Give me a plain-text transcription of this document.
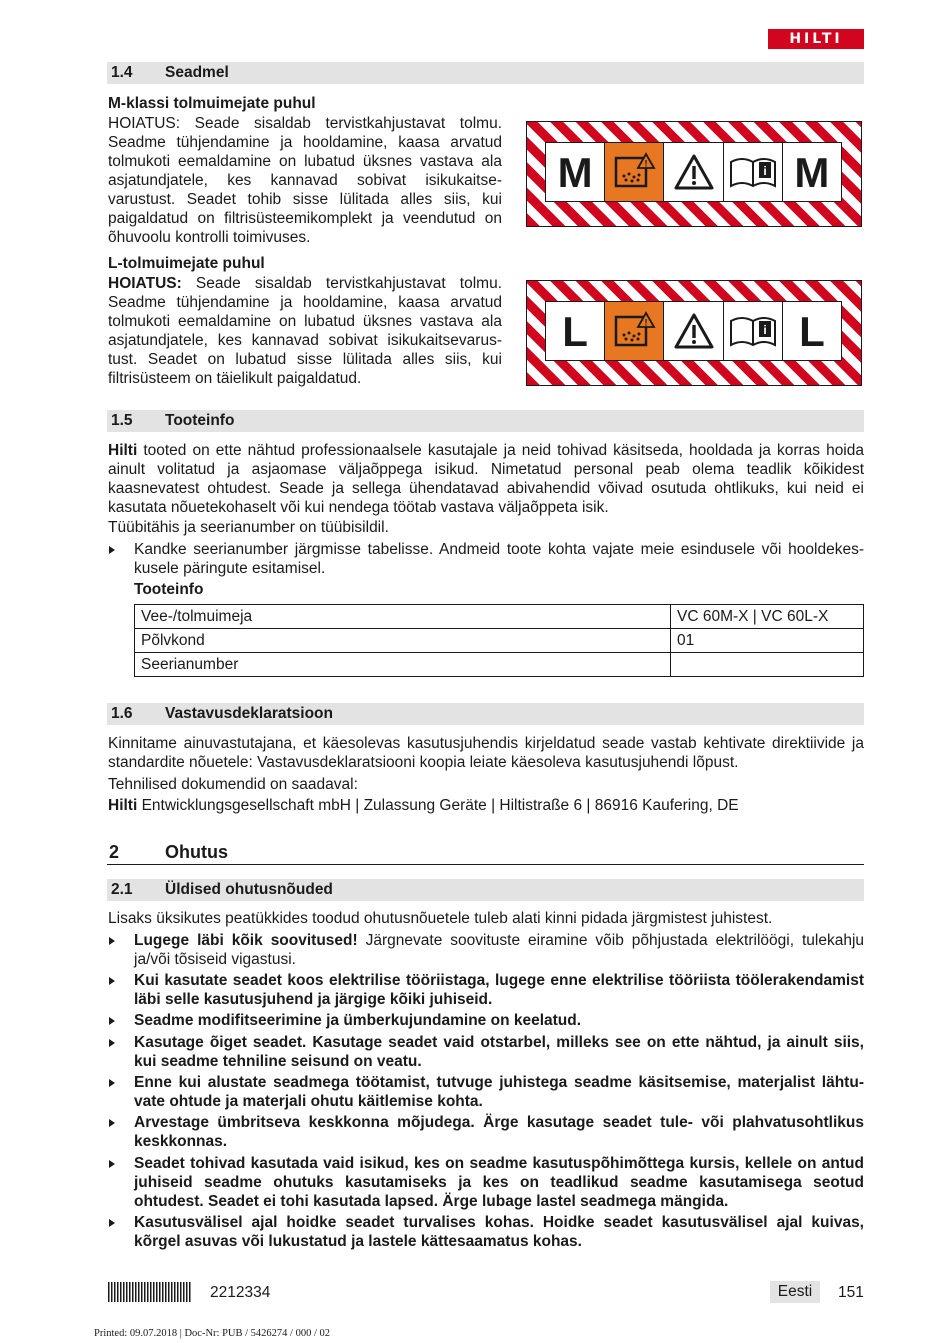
HILTI
1.4 Seadmel
M-klassi tolmuimejate puhul
HOIATUS: Seade sisaldab tervistkahjustavat tolmu. Seadme tühjendamine ja hooldamine, kaasa arvatud tolmukoti eemaldamine on lubatud üksnes vastava ala asjatundjatele, kes kannavad sobivat isikukaitsevarustust. Seadet tohib sisse lülitada alles siis, kui paigaldatud on filtrisüsteemikomplekt ja veendutud on õhuvoolu kontrolli toimivuses.
M	!
i M
L-tolmuimejate puhul
HOIATUS: Seade sisaldab tervistkahjustavat tolmu. Seadme tühjendamine ja hooldamine, kaasa arvatud tolmukoti eemaldamine on lubatud üksnes vastava ala asjatundjatele, kes kannavad sobivat isikukaitsevarustust. Seadet on lubatud sisse lülitada alles siis, kui filtrisüsteem on täielikult paigaldatud.
L	!
i L
1.5 Tooteinfo
Hilti tooted on ette nähtud professionaalsele kasutajale ja neid tohivad käsitseda, hooldada ja korras hoida ainult volitatud ja asjaomase väljaõppega isikud. Nimetatud personal peab olema teadlik kõikidest kaasnevatest ohtudest. Seade ja sellega ühendatavad abivahendid võivad osutuda ohtlikuks, kui neid ei kasutata nõuetekohaselt või kui nendega töötab vastava väljaõppeta isik.
Tüübitähis ja seerianumber on tüübisildil.
Kandke seerianumber järgmisse tabelisse. Andmeid toote kohta vajate meie esindusele või hooldekeskusele päringute esitamisel.
Tooteinfo
Vee-/tolmuimeja	VC 60M-X | VC 60L-X
Põlvkond	01
Seerianumber	
1.6 Vastavusdeklaratsioon
Kinnitame ainuvastutajana, et käesolevas kasutusjuhendis kirjeldatud seade vastab kehtivate direktiivide ja standardite nõuetele: Vastavusdeklaratsiooni koopia leiate käesoleva kasutusjuhendi lõpust.
Tehnilised dokumendid on saadaval:
Hilti Entwicklungsgesellschaft mbH | Zulassung Geräte | Hiltistraße 6 | 86916 Kaufering, DE
2	Ohutus
2.1 Üldised ohutusnõuded
Lisaks üksikutes peatükkides toodud ohutusnõuetele tuleb alati kinni pidada järgmistest juhistest.
Lugege läbi kõik soovitused! Järgnevate soovituste eiramine võib põhjustada elektrilöögi, tulekahju ja/või tõsiseid vigastusi.
Kui kasutate seadet koos elektrilise tööriistaga, lugege enne elektrilise tööriista töölerakendamist läbi selle kasutusjuhend ja järgige kõiki juhiseid.
Seadme modifitseerimine ja ümberkujundamine on keelatud.
Kasutage õiget seadet. Kasutage seadet vaid otstarbel, milleks see on ette nähtud, ja ainult siis, kui seadme tehniline seisund on veatu.
Enne kui alustate seadmega töötamist, tutvuge juhistega seadme käsitsemise, materjalist lähtuvate ohtude ja materjali ohutu käitlemise kohta.
Arvestage ümbritseva keskkonna mõjudega. Ärge kasutage seadet tule- või plahvatusohtlikus keskkonnas.
Seadet tohivad kasutada vaid isikud, kes on seadme kasutuspõhimõttega kursis, kellele on antud juhiseid seadme ohutuks kasutamiseks ja kes on teadlikud seadme kasutamisega seotud ohtudest. Seadet ei tohi kasutada lapsed. Ärge lubage lastel seadmega mängida.
Kasutusvälisel ajal hoidke seadet turvalises kohas. Hoidke seadet kasutusvälisel ajal kuivas, kõrgel asuvas või lukustatud ja lastele kättesaamatus kohas.
2212334	Eesti	151
Printed: 09.07.2018 | Doc-Nr: PUB / 5426274 / 000 / 02
